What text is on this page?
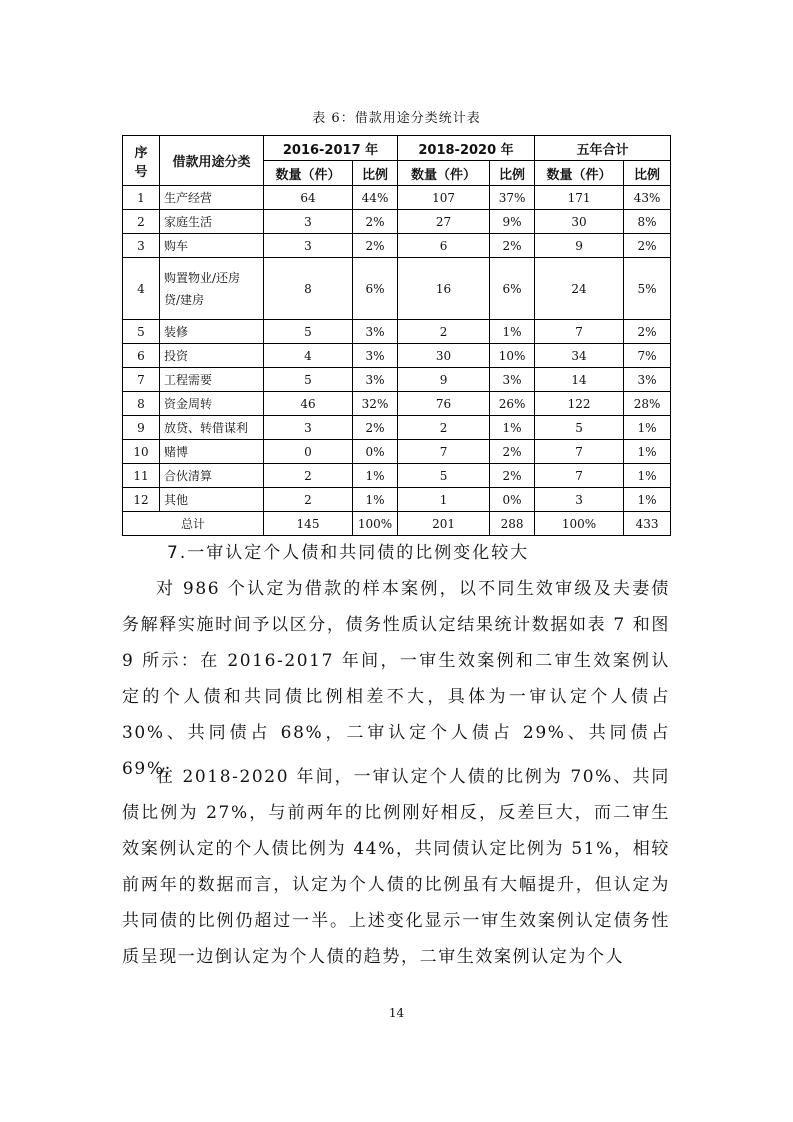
表 6：借款用途分类统计表
序
号	借款用途分类	2016-2017 年		2018-2020 年		五年合计	
		数量（件）	比例	数量（件）	比例	数量（件）	比例
1	生产经营	64	44%	107	37%	171	43%
2	家庭生活	3	2%	27	9%	30	8%
3	购车	3	2%	6	2%	9	2%
4	购置物业/还房
贷/建房	8	6%	16	6%	24	5%
5	装修	5	3%	2	1%	7	2%
6	投资	4	3%	30	10%	34	7%
7	工程需要	5	3%	9	3%	14	3%
8	资金周转	46	32%	76	26%	122	28%
9	放贷、转借谋利	3	2%	2	1%	5	1%
10	赌博	0	0%	7	2%	7	1%
11	合伙清算	2	1%	5	2%	7	1%
12	其他	2	1%	1	0%	3	1%
总计		145	100%	201	288	100%	433
7.一审认定个人债和共同债的比例变化较大

对 986 个认定为借款的样本案例，以不同生效审级及夫妻债务解释实施时间予以区分，债务性质认定结果统计数据如表 7 和图 9 所示：在 2016-2017 年间，一审生效案例和二审生效案例认定的个人债和共同债比例相差不大，具体为一审认定个人债占 30%、共同债占 68%，二审认定个人债占 29%、共同债占 69%;

在 2018-2020 年间，一审认定个人债的比例为 70%、共同债比例为 27%，与前两年的比例刚好相反，反差巨大，而二审生效案例认定的个人债比例为 44%，共同债认定比例为 51%，相较前两年的数据而言，认定为个人债的比例虽有大幅提升，但认定为共同债的比例仍超过一半。上述变化显示一审生效案例认定债务性质呈现一边倒认定为个人债的趋势，二审生效案例认定为个人

14
